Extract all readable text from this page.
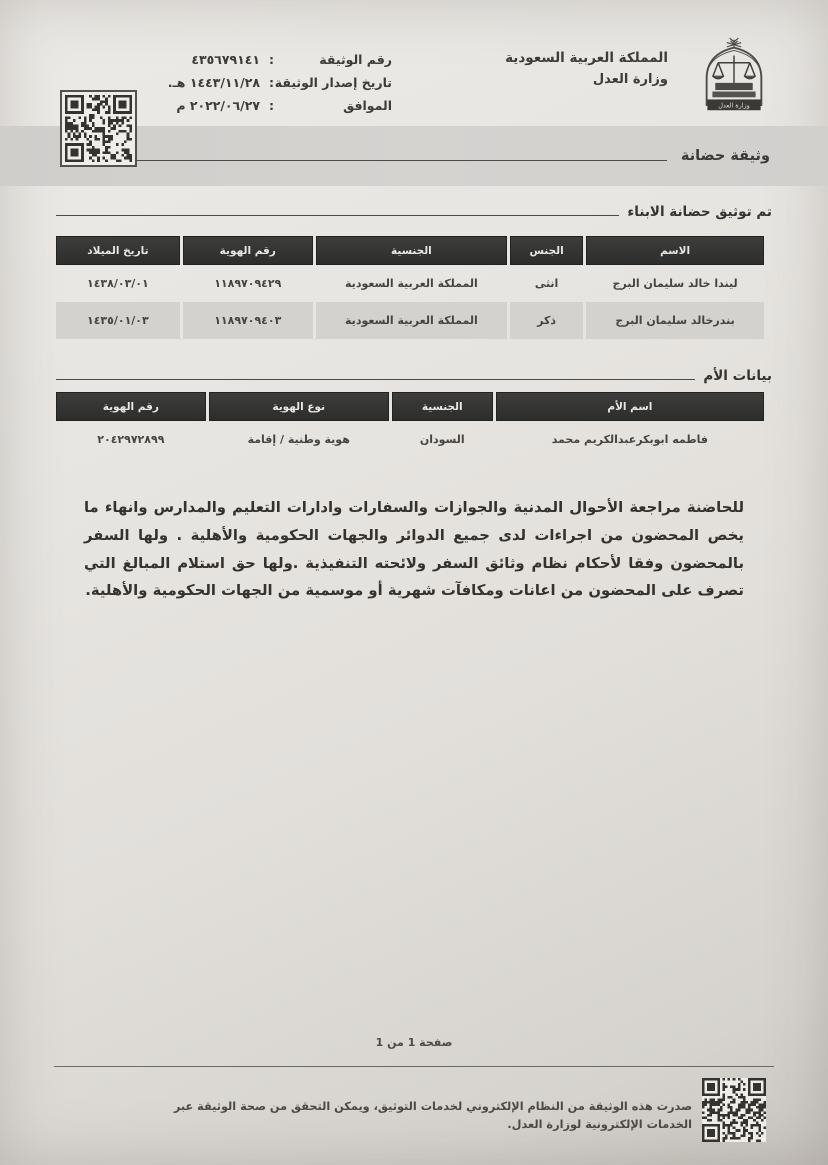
وزارة العدل
المملكة العربية السعودية
وزارة العدل
رقم الوثيقة
:
٤٣٥٦٧٩١٤١
تاريخ إصدار الوثيقة
:
١٤٤٣/١١/٢٨ هـ.
الموافق
:
٢٠٢٢/٠٦/٢٧ م
وثيقة حضانة
تم توثيق حضانة الابناء
الاسم
الجنس
الجنسية
رقم الهوية
تاريخ الميلاد
ليندا خالد سليمان البرج
انثى
المملكة العربية السعودية
١١٨٩٧٠٩٤٢٩
١٤٣٨/٠٣/٠١
بندرخالد سليمان البرج
ذكر
المملكة العربية السعودية
١١٨٩٧٠٩٤٠٣
١٤٣٥/٠١/٠٣
بيانات الأم
اسم الأم
الجنسية
نوع الهوية
رقم الهوية
فاطمه ابوبكرعبدالكريم محمد
السودان
هوية وطنية / إقامة
٢٠٤٢٩٧٢٨٩٩
للحاضنة مراجعة الأحوال المدنية والجوازات والسفارات وادارات التعليم والمدارس وانهاء ما يخص المحضون من اجراءات لدى جميع الدوائر والجهات الحكومية والأهلية . ولها السفر بالمحضون وفقا لأحكام نظام وثائق السفر ولائحته التنفيذية .ولها حق استلام المبالغ التي تصرف على المحضون من اعانات ومكافآت شهرية أو موسمية من الجهات الحكومية والأهلية.
صفحة 1 من 1
صدرت هذه الوثيقة من النظام الإلكتروني لخدمات التوثيق، ويمكن التحقق من صحة الوثيقة عبر الخدمات الإلكترونية لوزارة العدل.
